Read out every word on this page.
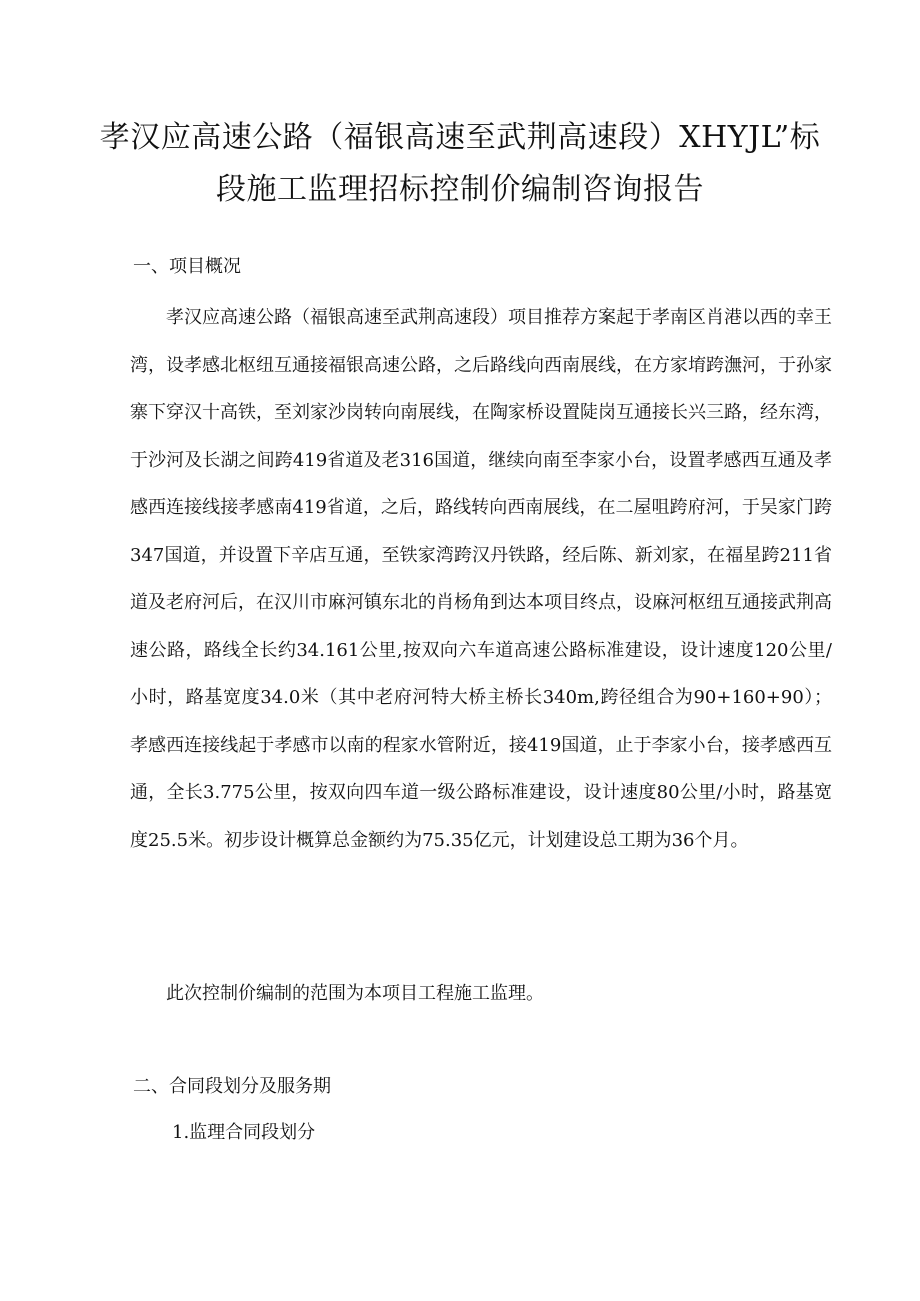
孝汉应高速公路（福银高速至武荆高速段）XHYJL”标
段施工监理招标控制价编制咨询报告
一、项目概况

孝汉应高速公路（福银高速至武荆高速段）项目推荐方案起于孝南区肖港以西的幸王湾，设孝感北枢纽互通接福银高速公路，之后路线向西南展线，在方家堉跨潕河，于孙家寨下穿汉十高铁，至刘家沙岗转向南展线，在陶家桥设置陡岗互通接长兴三路，经东湾，于沙河及长湖之间跨419省道及老316国道，继续向南至李家小台，设置孝感西互通及孝感西连接线接孝感南419省道，之后，路线转向西南展线，在二屋咀跨府河，于吴家门跨347国道，并设置下辛店互通，至铁家湾跨汉丹铁路，经后陈、新刘家，在福星跨211省道及老府河后，在汉川市麻河镇东北的肖杨角到达本项目终点，设麻河枢纽互通接武荆高速公路，路线全长约34.161公里,按双向六车道高速公路标准建设，设计速度120公里/小时，路基宽度34.0米（其中老府河特大桥主桥长340m,跨径组合为90+160+90）；孝感西连接线起于孝感市以南的程家水管附近，接419国道，止于李家小台，接孝感西互通，全长3.775公里，按双向四车道一级公路标准建设，设计速度80公里/小时，路基宽度25.5米。初步设计概算总金额约为75.35亿元，计划建设总工期为36个月。

此次控制价编制的范围为本项目工程施工监理。

二、合同段划分及服务期
1.监理合同段划分
